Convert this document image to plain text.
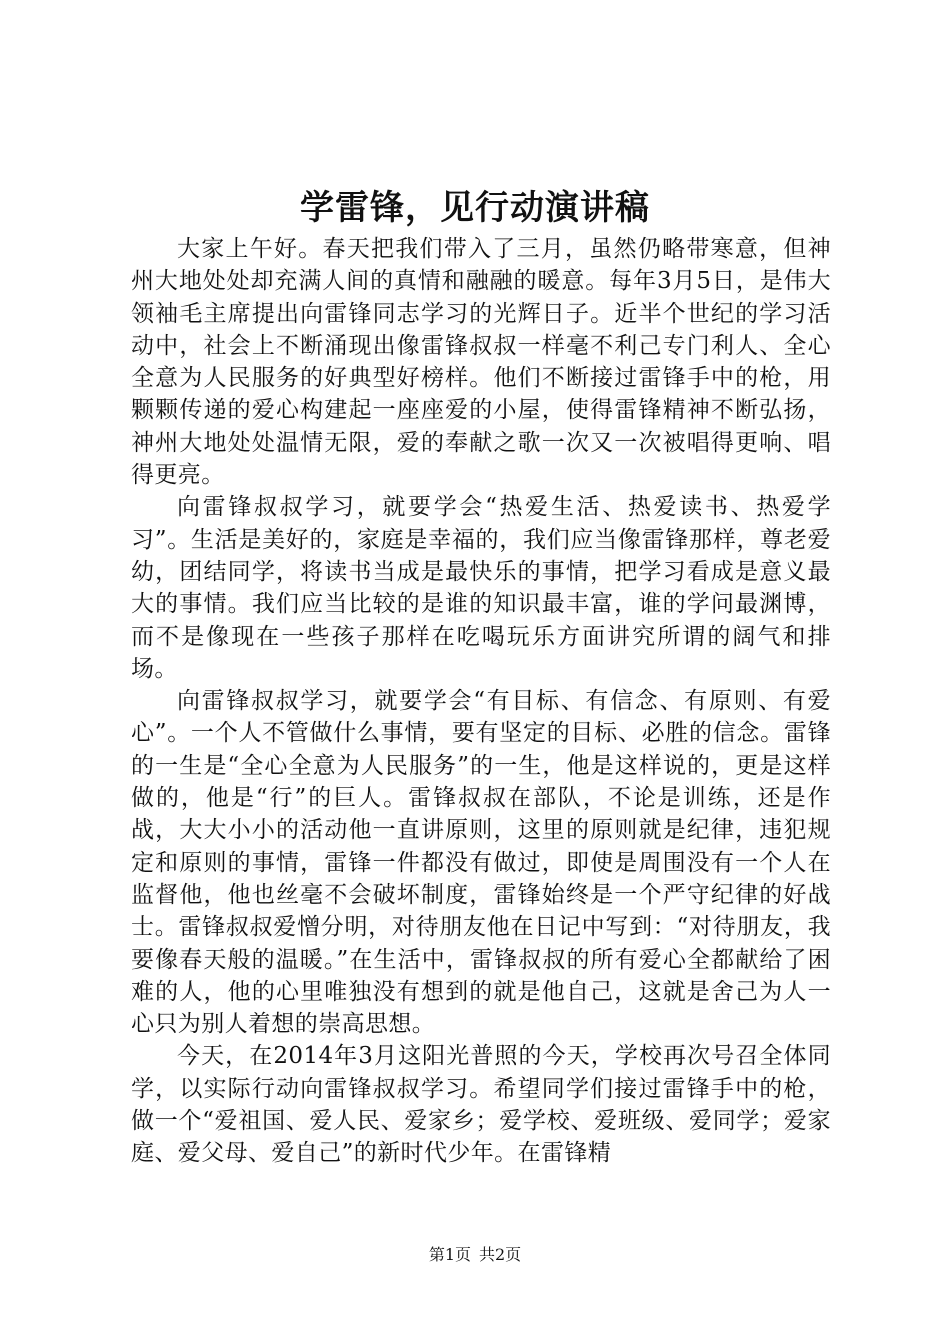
学雷锋，见行动演讲稿

大家上午好。春天把我们带入了三月，虽然仍略带寒意，但神州大地处处却充满人间的真情和融融的暖意。每年3月5日，是伟大领袖毛主席提出向雷锋同志学习的光辉日子。近半个世纪的学习活动中，社会上不断涌现出像雷锋叔叔一样毫不利己专门利人、全心全意为人民服务的好典型好榜样。他们不断接过雷锋手中的枪，用颗颗传递的爱心构建起一座座爱的小屋，使得雷锋精神不断弘扬，神州大地处处温情无限，爱的奉献之歌一次又一次被唱得更响、唱得更亮。

向雷锋叔叔学习，就要学会“热爱生活、热爱读书、热爱学习”。生活是美好的，家庭是幸福的，我们应当像雷锋那样，尊老爱幼，团结同学，将读书当成是最快乐的事情，把学习看成是意义最大的事情。我们应当比较的是谁的知识最丰富，谁的学问最渊博，而不是像现在一些孩子那样在吃喝玩乐方面讲究所谓的阔气和排场。

向雷锋叔叔学习，就要学会“有目标、有信念、有原则、有爱心”。一个人不管做什么事情，要有坚定的目标、必胜的信念。雷锋的一生是“全心全意为人民服务”的一生，他是这样说的，更是这样做的，他是“行”的巨人。雷锋叔叔在部队，不论是训练，还是作战，大大小小的活动他一直讲原则，这里的原则就是纪律，违犯规定和原则的事情，雷锋一件都没有做过，即使是周围没有一个人在监督他，他也丝毫不会破坏制度，雷锋始终是一个严守纪律的好战士。雷锋叔叔爱憎分明，对待朋友他在日记中写到：“对待朋友，我要像春天般的温暖。”在生活中，雷锋叔叔的所有爱心全都献给了困难的人，他的心里唯独没有想到的就是他自己，这就是舍己为人一心只为别人着想的崇高思想。

今天，在2014年3月这阳光普照的今天，学校再次号召全体同学，以实际行动向雷锋叔叔学习。希望同学们接过雷锋手中的枪，做一个“爱祖国、爱人民、爱家乡；爱学校、爱班级、爱同学；爱家庭、爱父母、爱自己”的新时代少年。在雷锋精

第1页 共2页
